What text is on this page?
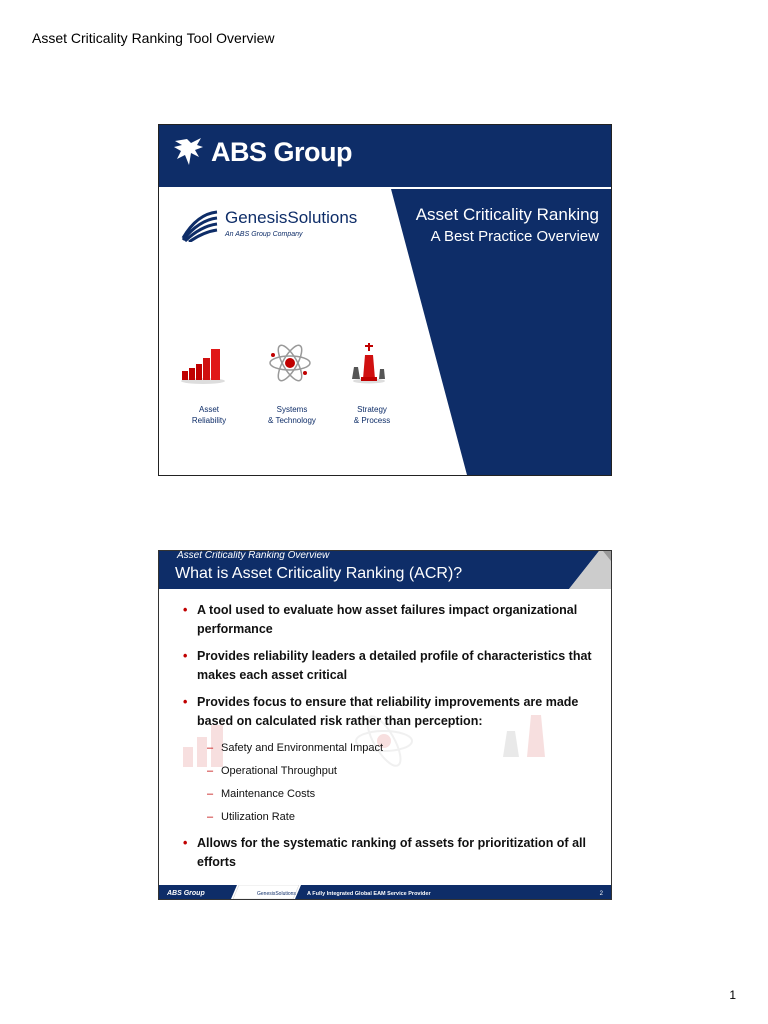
Asset Criticality Ranking Tool Overview
ABS Group
GenesisSolutions
An ABS Group Company
Asset Criticality Ranking
A Best Practice Overview
Asset
Reliability
Systems
& Technology
Strategy
& Process
Asset Criticality Ranking Overview
What is Asset Criticality Ranking (ACR)?
• A tool used to evaluate how asset failures impact organizational performance
• Provides reliability leaders a detailed profile of characteristics that makes each asset critical
• Provides focus to ensure that reliability improvements are made based on calculated risk rather than perception:
– Safety and Environmental Impact
– Operational Throughput
– Maintenance Costs
– Utilization Rate
• Allows for the systematic ranking of assets for prioritization of all efforts
ABS Group	GenesisSolutions A Fully Integrated Global EAM Service Provider	2
1
